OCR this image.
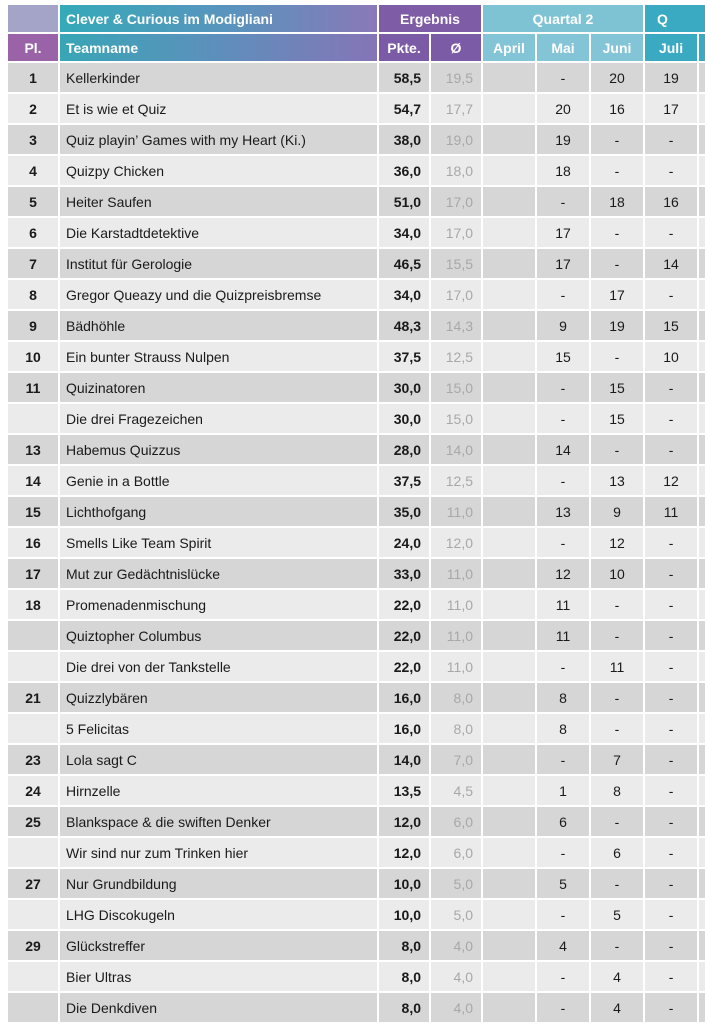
	Clever & Curious im Modigliani	Ergebnis		Quartal 2			Q	
Pl.	Teamname	Pkte.	Ø	April	Mai	Juni	Juli	
1	Kellerkinder	58,5	19,5		-	20	19	
2	Et is wie et Quiz	54,7	17,7		20	16	17	
3	Quiz playin’ Games with my Heart (Ki.)	38,0	19,0		19	-	-	
4	Quizpy Chicken	36,0	18,0		18	-	-	
5	Heiter Saufen	51,0	17,0		-	18	16	
6	Die Karstadtdetektive	34,0	17,0		17	-	-	
7	Institut für Gerologie	46,5	15,5		17	-	14	
8	Gregor Queazy und die Quizpreisbremse	34,0	17,0		-	17	-	
9	Bädhöhle	48,3	14,3		9	19	15	
10	Ein bunter Strauss Nulpen	37,5	12,5		15	-	10	
11	Quizinatoren	30,0	15,0		-	15	-	
	Die drei Fragezeichen	30,0	15,0		-	15	-	
13	Habemus Quizzus	28,0	14,0		14	-	-	
14	Genie in a Bottle	37,5	12,5		-	13	12	
15	Lichthofgang	35,0	11,0		13	9	11	
16	Smells Like Team Spirit	24,0	12,0		-	12	-	
17	Mut zur Gedächtnislücke	33,0	11,0		12	10	-	
18	Promenadenmischung	22,0	11,0		11	-	-	
	Quiztopher Columbus	22,0	11,0		11	-	-	
	Die drei von der Tankstelle	22,0	11,0		-	11	-	
21	Quizzlybären	16,0	8,0		8	-	-	
	5 Felicitas	16,0	8,0		8	-	-	
23	Lola sagt C	14,0	7,0		-	7	-	
24	Hirnzelle	13,5	4,5		1	8	-	
25	Blankspace & die swiften Denker	12,0	6,0		6	-	-	
	Wir sind nur zum Trinken hier	12,0	6,0		-	6	-	
27	Nur Grundbildung	10,0	5,0		5	-	-	
	LHG Discokugeln	10,0	5,0		-	5	-	
29	Glückstreffer	8,0	4,0		4	-	-	
	Bier Ultras	8,0	4,0		-	4	-	
	Die Denkdiven	8,0	4,0		-	4	-	
